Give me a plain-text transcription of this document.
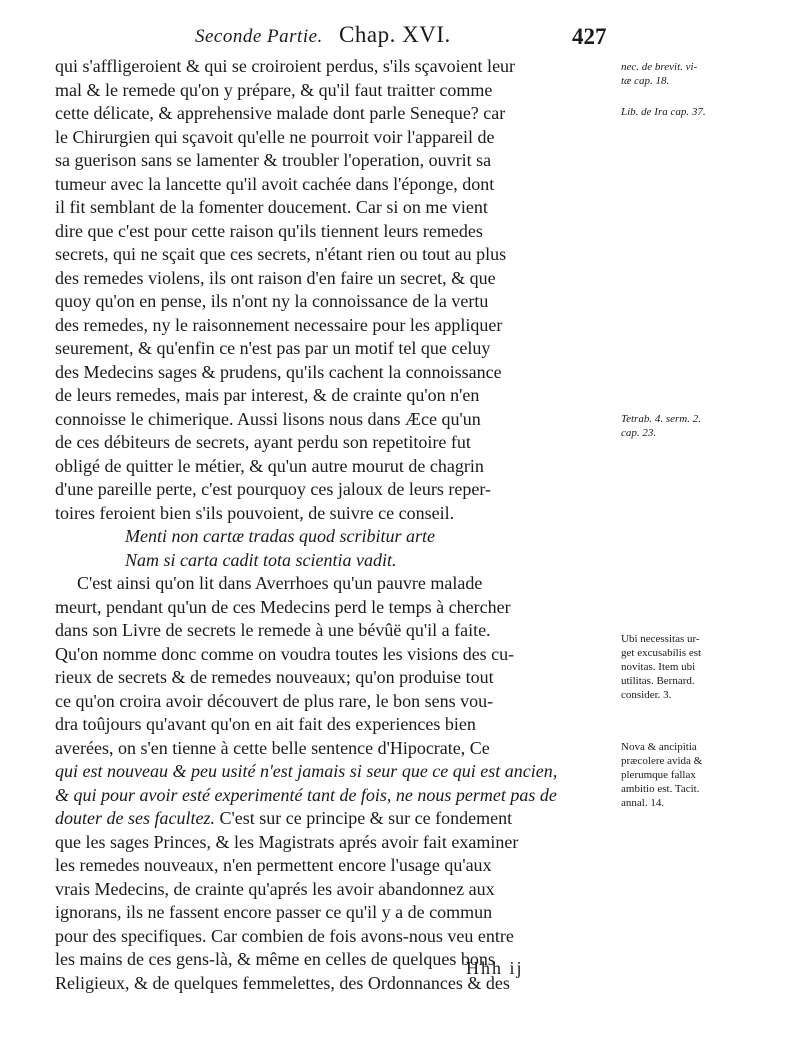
Seconde Partie. Chap. XVI.	427
qui s'affligeroient & qui se croiroient perdus, s'ils sçavoient leur
mal & le remede qu'on y prépare, & qu'il faut traitter comme
cette délicate, & apprehensive malade dont parle Seneque? car
le Chirurgien qui sçavoit qu'elle ne pourroit voir l'appareil de
sa guerison sans se lamenter & troubler l'operation, ouvrit sa
tumeur avec la lancette qu'il avoit cachée dans l'éponge, dont
il fit semblant de la fomenter doucement. Car si on me vient
dire que c'est pour cette raison qu'ils tiennent leurs remedes
secrets, qui ne sçait que ces secrets, n'étant rien ou tout au plus
des remedes violens, ils ont raison d'en faire un secret, & que
quoy qu'on en pense, ils n'ont ny la connoissance de la vertu
des remedes, ny le raisonnement necessaire pour les appliquer
seurement, & qu'enfin ce n'est pas par un motif tel que celuy
des Medecins sages & prudens, qu'ils cachent la connoissance
de leurs remedes, mais par interest, & de crainte qu'on n'en
connoisse le chimerique. Aussi lisons nous dans Æce qu'un
de ces débiteurs de secrets, ayant perdu son repetitoire fut
obligé de quitter le métier, & qu'un autre mourut de chagrin
d'une pareille perte, c'est pourquoy ces jaloux de leurs reper-
toires feroient bien s'ils pouvoient, de suivre ce conseil.
Menti non cartæ tradas quod scribitur arte
Nam si carta cadit tota scientia vadit.
C'est ainsi qu'on lit dans Averrhoes qu'un pauvre malade
meurt, pendant qu'un de ces Medecins perd le temps à chercher
dans son Livre de secrets le remede à une bévûë qu'il a faite.
Qu'on nomme donc comme on voudra toutes les visions des cu-
rieux de secrets & de remedes nouveaux; qu'on produise tout
ce qu'on croira avoir découvert de plus rare, le bon sens vou-
dra toûjours qu'avant qu'on en ait fait des experiences bien
averées, on s'en tienne à cette belle sentence d'Hipocrate, Ce
qui est nouveau & peu usité n'est jamais si seur que ce qui est ancien,
& qui pour avoir esté experimenté tant de fois, ne nous permet pas de
douter de ses facultez. C'est sur ce principe & sur ce fondement
que les sages Princes, & les Magistrats aprés avoir fait examiner
les remedes nouveaux, n'en permettent encore l'usage qu'aux
vrais Medecins, de crainte qu'aprés les avoir abandonnez aux
ignorans, ils ne fassent encore passer ce qu'il y a de commun
pour des specifiques. Car combien de fois avons-nous veu entre
les mains de ces gens-là, & même en celles de quelques bons
Religieux, & de quelques femmelettes, des Ordonnances & des
nec. de brevit. vi-
tæ cap. 18.
Lib. de Ira cap. 37.
Tetrab. 4. serm. 2.
cap. 23.
Ubi necessitas ur-
get excusabilis est
novitas. Item ubi
utilitas. Bernard.
consider. 3.
Nova & ancipitia
præcolere avida &
plerumque fallax
ambitio est. Tacit.
annal. 14.
Hhh ij
